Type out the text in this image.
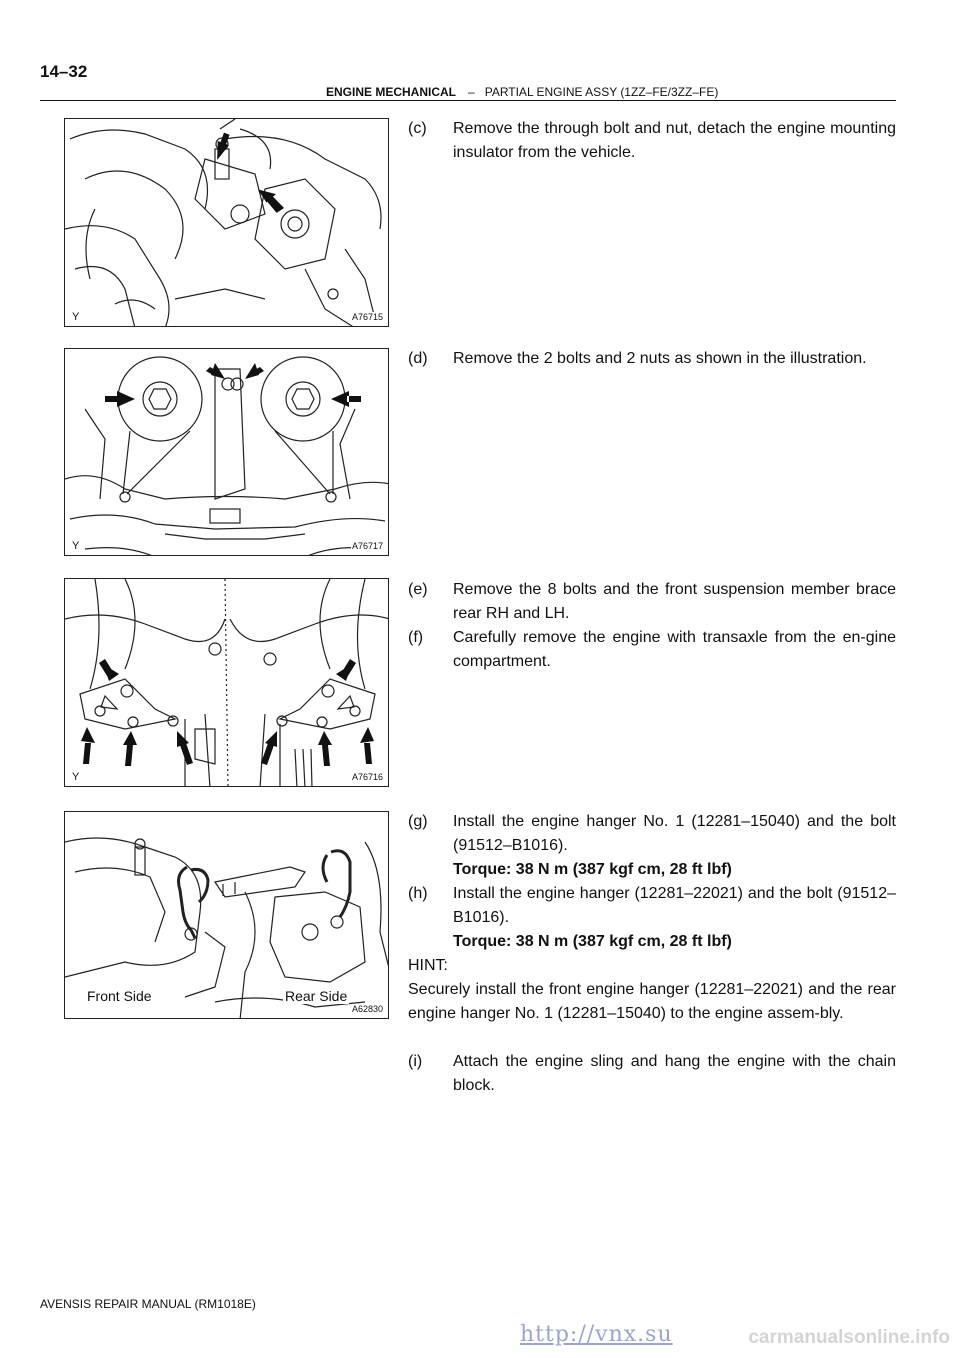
14–32
ENGINE MECHANICAL – PARTIAL ENGINE ASSY (1ZZ–FE/3ZZ–FE)
Y	A76715
Y	A76717
Y	A76716
Front Side	Rear Side
A62830
(c) Remove the through bolt and nut, detach the engine mounting insulator from the vehicle.
(d) Remove the 2 bolts and 2 nuts as shown in the illustration.
(e) Remove the 8 bolts and the front suspension member brace rear RH and LH.
(f) Carefully remove the engine with transaxle from the en-gine compartment.
(g) Install the engine hanger No. 1 (12281–15040) and the bolt (91512–B1016).
Torque: 38 N m (387 kgf cm, 28 ft lbf)
(h) Install the engine hanger (12281–22021) and the bolt (91512–B1016).
Torque: 38 N m (387 kgf cm, 28 ft lbf)
HINT:
Securely install the front engine hanger (12281–22021) and the rear engine hanger No. 1 (12281–15040) to the engine assem-bly.
(i) Attach the engine sling and hang the engine with the chain block.
AVENSIS REPAIR MANUAL (RM1018E)
http://vnx.su	carmanualsonline.info
